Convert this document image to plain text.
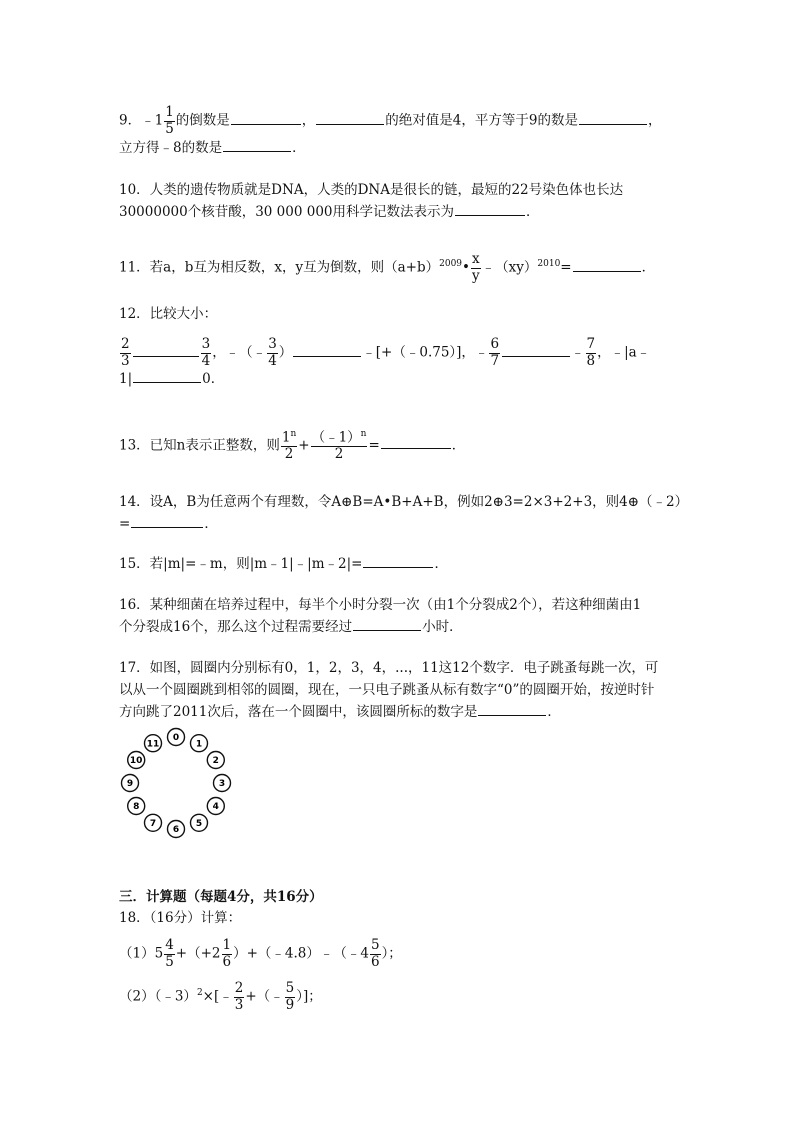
9．﹣1 $\frac{1}{5}$ 的倒数是	，	的绝对值是4，平方等于9的数是	，
立方得﹣8的数是	．
10．人类的遗传物质就是DNA，人类的DNA是很长的链，最短的22号染色体也长达
30000000个核苷酸，30 000 000用科学记数法表示为	．
11．若a，b互为相反数，x，y互为倒数，则$(a+b)^{2009}• \frac{x}{y}$ ﹣（xy）$^{2010}$=	．
12．比较大小：
$\frac{2}{3}$	$\frac{3}{4}$ ，﹣（﹣ $\frac{3}{4}$ ）	﹣[+（﹣0.75）]，﹣ $\frac{6}{7}$	﹣ $\frac{7}{8}$ ，﹣|a﹣
1|	0．
13．已知n表示正整数，则 $\frac{1^n}{2} + \frac{(﹣1)^n}{2}$ =	．
14．设A，B为任意两个有理数，令A⊕B=A•B+A+B，例如2⊕3=2×3+2+3，则4⊕（﹣2）
=	．
15．若|m|=﹣m，则|m﹣1|﹣|m﹣2|=	．
16．某种细菌在培养过程中，每半个小时分裂一次（由1个分裂成2个），若这种细菌由1
个分裂成16个，那么这个过程需要经过	小时．
17．如图，圆圈内分别标有0，1，2，3，4，...，11这12个数字．电子跳蚤每跳一次，可
以从一个圆圈跳到相邻的圆圈，现在，一只电子跳蚤从标有数字“0”的圆圈开始，按逆时针
方向跳了2011次后，落在一个圆圈中，该圆圈所标的数字是	．
0
1
2
3
4
5
6
7
8
9
10
11
三．计算题（每题4分，共16分）
18．（16分）计算：
$(1)5 \frac{4}{5} +(+2 \frac{1}{6}$ ）+（﹣4.8）﹣（﹣4 $\frac{5}{6}$ ）；
（2）（﹣3）$^2$×[﹣ $\frac{2}{3}$ +（﹣ $\frac{5}{9}$ ）]；
